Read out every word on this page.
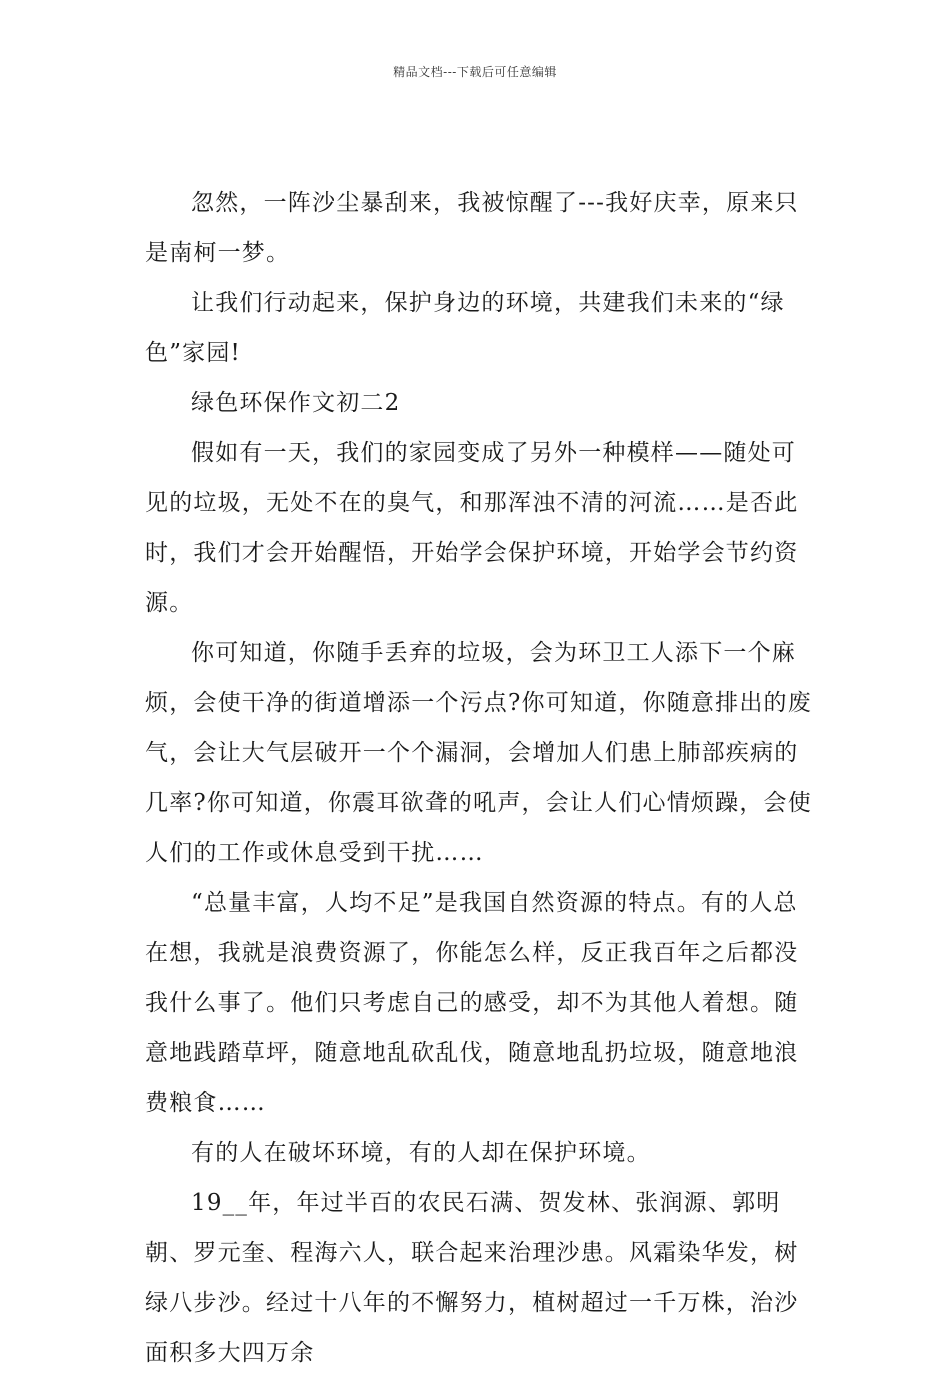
精品文档---下载后可任意编辑

忽然，一阵沙尘暴刮来，我被惊醒了---我好庆幸，原来只是南柯一梦。

让我们行动起来，保护身边的环境，共建我们未来的“绿色”家园!

绿色环保作文初二2

假如有一天，我们的家园变成了另外一种模样——随处可见的垃圾，无处不在的臭气，和那浑浊不清的河流……是否此时，我们才会开始醒悟，开始学会保护环境，开始学会节约资源。

你可知道，你随手丢弃的垃圾，会为环卫工人添下一个麻烦，会使干净的街道增添一个污点?你可知道，你随意排出的废气，会让大气层破开一个个漏洞，会增加人们患上肺部疾病的几率?你可知道，你震耳欲聋的吼声，会让人们心情烦躁，会使人们的工作或休息受到干扰……

“总量丰富，人均不足”是我国自然资源的特点。有的人总在想，我就是浪费资源了，你能怎么样，反正我百年之后都没我什么事了。他们只考虑自己的感受，却不为其他人着想。随意地践踏草坪，随意地乱砍乱伐，随意地乱扔垃圾，随意地浪费粮食……

有的人在破坏环境，有的人却在保护环境。

19__年，年过半百的农民石满、贺发林、张润源、郭明朝、罗元奎、程海六人，联合起来治理沙患。风霜染华发，树绿八步沙。经过十八年的不懈努力，植树超过一千万株，治沙面积多大四万余
